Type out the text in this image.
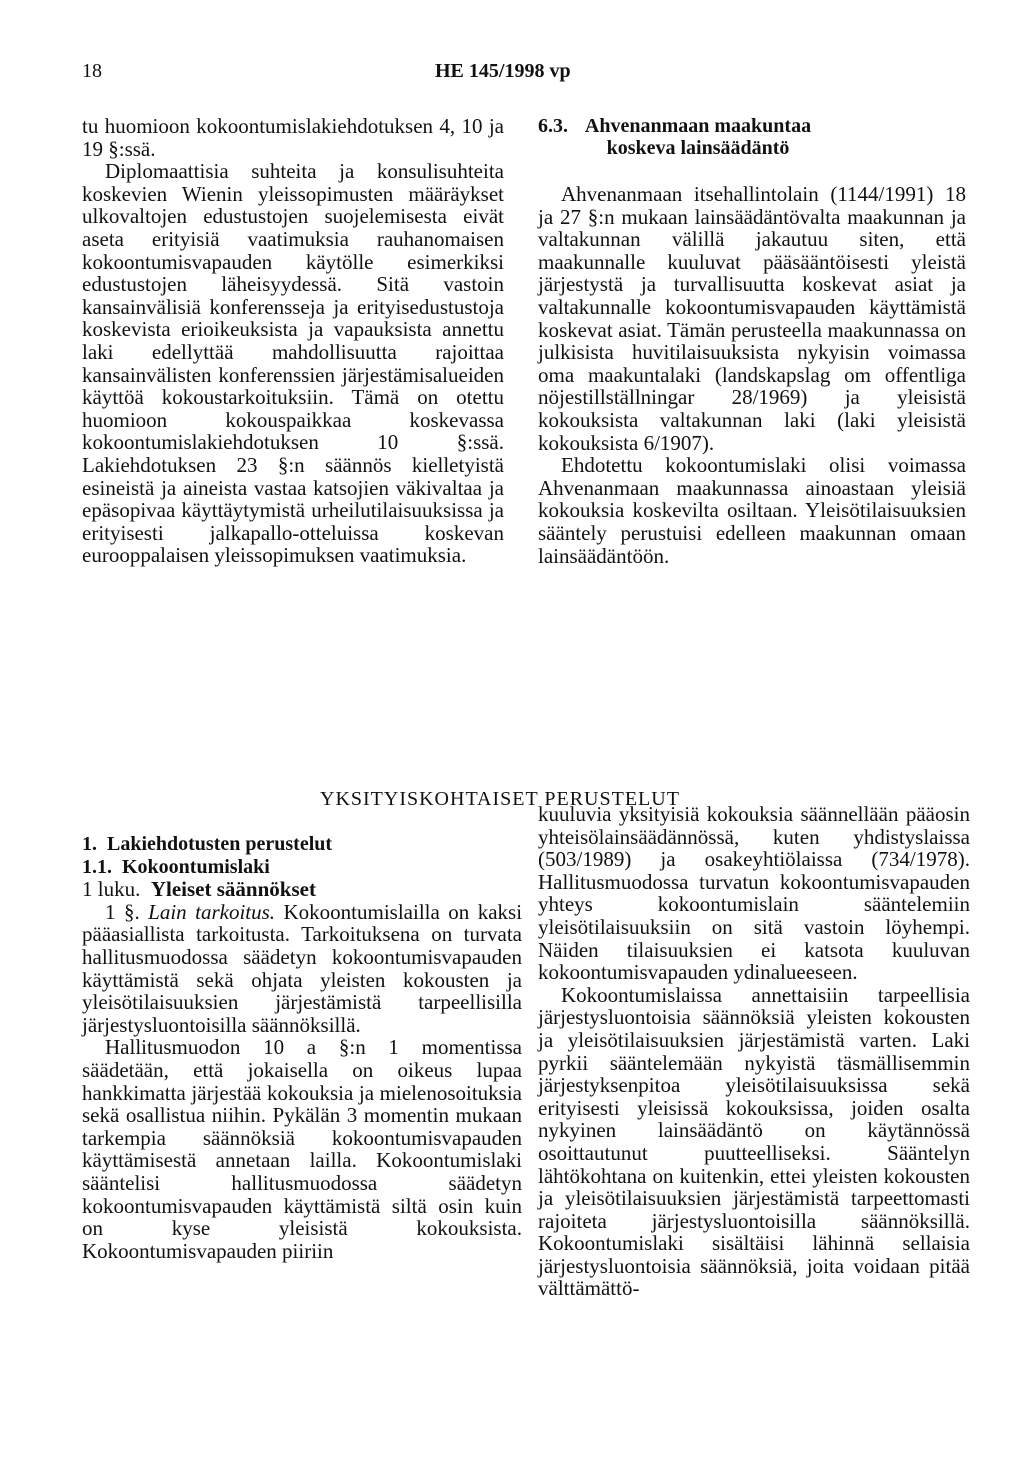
18	HE 145/1998 vp

tu huomioon kokoontumislakiehdotuksen 4, 10 ja 19 §:ssä.

Diplomaattisia suhteita ja konsulisuhteita koskevien Wienin yleissopimusten määräykset ulkovaltojen edustustojen suojelemisesta eivät aseta erityisiä vaatimuksia rauhanomaisen kokoontumisvapauden käytölle esimerkiksi edustustojen läheisyydessä. Sitä vastoin kansainvälisiä konferensseja ja erityisedustustoja koskevista erioikeuksista ja vapauksista annettu laki edellyttää mahdollisuutta rajoittaa kansainvälisten konferenssien järjestämisalueiden käyttöä kokoustarkoituksiin. Tämä on otettu huomioon kokouspaikkaa koskevassa kokoontumislakiehdotuksen 10 §:ssä. Lakiehdotuksen 23 §:n säännös kielletyistä esineistä ja aineista vastaa katsojien väkivaltaa ja epäsopivaa käyttäytymistä urheilutilaisuuksissa ja erityisesti jalkapallo-otteluissa koskevan eurooppalaisen yleissopimuksen vaatimuksia.

6.3. Ahvenanmaan maakuntaa koskeva lainsäädäntö

Ahvenanmaan itsehallintolain (1144/1991) 18 ja 27 §:n mukaan lainsäädäntövalta maakunnan ja valtakunnan välillä jakautuu siten, että maakunnalle kuuluvat pääsääntöisesti yleistä järjestystä ja turvallisuutta koskevat asiat ja valtakunnalle kokoontumisvapauden käyttämistä koskevat asiat. Tämän perusteella maakunnassa on julkisista huvitilaisuuksista nykyisin voimassa oma maakuntalaki (landskapslag om offentliga nöjestillställningar 28/1969) ja yleisistä kokouksista valtakunnan laki (laki yleisistä kokouksista 6/1907).

Ehdotettu kokoontumislaki olisi voimassa Ahvenanmaan maakunnassa ainoastaan yleisiä kokouksia koskevilta osiltaan. Yleisötilaisuuksien sääntely perustuisi edelleen maakunnan omaan lainsäädäntöön.

YKSITYISKOHTAISET PERUSTELUT

1. Lakiehdotusten perustelut

1.1. Kokoontumislaki

1 luku. Yleiset säännökset

1 §. Lain tarkoitus. Kokoontumislailla on kaksi pääasiallista tarkoitusta. Tarkoituksena on turvata hallitusmuodossa säädetyn kokoontumisvapauden käyttämistä sekä ohjata yleisten kokousten ja yleisötilaisuuksien järjestämistä tarpeellisilla järjestysluontoisilla säännöksillä.

Hallitusmuodon 10 a §:n 1 momentissa säädetään, että jokaisella on oikeus lupaa hankkimatta järjestää kokouksia ja mielenosoituksia sekä osallistua niihin. Pykälän 3 momentin mukaan tarkempia säännöksiä kokoontumisvapauden käyttämisestä annetaan lailla. Kokoontumislaki sääntelisi hallitusmuodossa säädetyn kokoontumisvapauden käyttämistä siltä osin kuin on kyse yleisistä kokouksista. Kokoontumisvapauden piiriin

kuuluvia yksityisiä kokouksia säännellään pääosin yhteisölainsäädännössä, kuten yhdistyslaissa (503/1989) ja osakeyhtiölaissa (734/1978). Hallitusmuodossa turvatun kokoontumisvapauden yhteys kokoontumislain sääntelemiin yleisötilaisuuksiin on sitä vastoin löyhempi. Näiden tilaisuuksien ei katsota kuuluvan kokoontumisvapauden ydinalueeseen.

Kokoontumislaissa annettaisiin tarpeellisia järjestysluontoisia säännöksiä yleisten kokousten ja yleisötilaisuuksien järjestämistä varten. Laki pyrkii sääntelemään nykyistä täsmällisemmin järjestyksenpitoa yleisötilaisuuksissa sekä erityisesti yleisissä kokouksissa, joiden osalta nykyinen lainsäädäntö on käytännössä osoittautunut puutteelliseksi. Sääntelyn lähtökohtana on kuitenkin, ettei yleisten kokousten ja yleisötilaisuuksien järjestämistä tarpeettomasti rajoiteta järjestysluontoisilla säännöksillä. Kokoontumislaki sisältäisi lähinnä sellaisia järjestysluontoisia säännöksiä, joita voidaan pitää välttämättö-
